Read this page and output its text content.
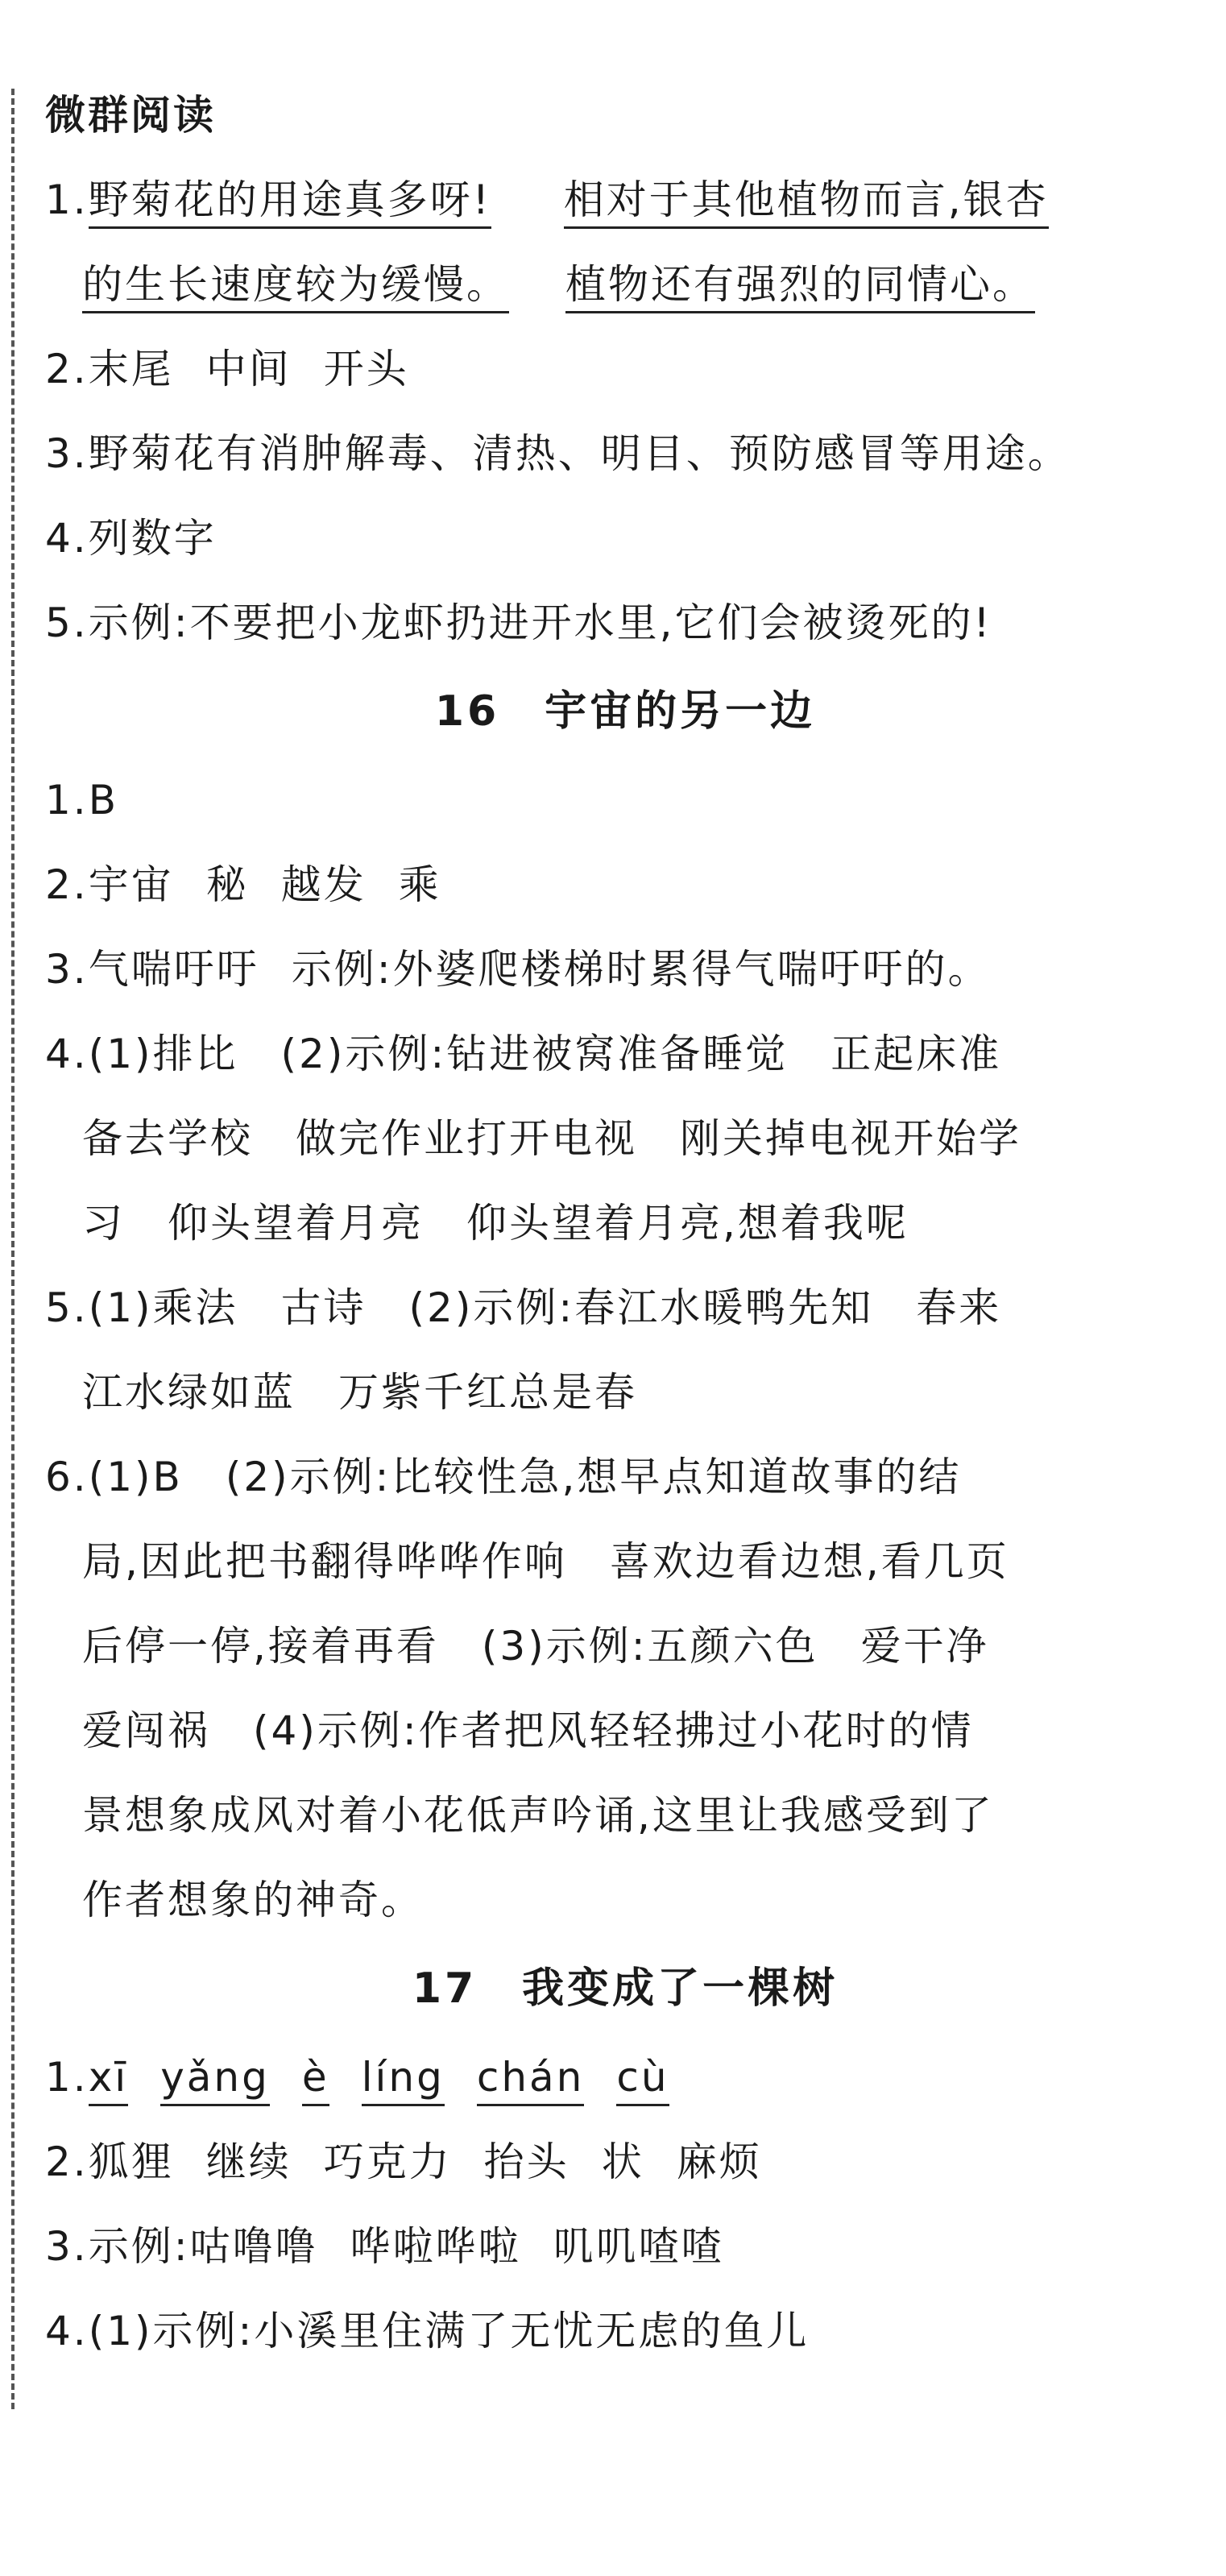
微群阅读
1.野菊花的用途真多呀! 相对于其他植物而言,银杏
的生长速度较为缓慢。 植物还有强烈的同情心。
2.末尾 中间 开头
3.野菊花有消肿解毒、清热、明目、预防感冒等用途。
4.列数字
5.示例:不要把小龙虾扔进开水里,它们会被烫死的!
16　宇宙的另一边
1.B
2.宇宙 秘 越发 乘
3.气喘吁吁 示例:外婆爬楼梯时累得气喘吁吁的。
4.(1)排比　(2)示例:钻进被窝准备睡觉　正起床准
备去学校　做完作业打开电视　刚关掉电视开始学
习　仰头望着月亮　仰头望着月亮,想着我呢
5.(1)乘法　古诗　(2)示例:春江水暖鸭先知　春来
江水绿如蓝　万紫千红总是春
6.(1)B　(2)示例:比较性急,想早点知道故事的结
局,因此把书翻得哗哗作响　喜欢边看边想,看几页
后停一停,接着再看　(3)示例:五颜六色　爱干净
爱闯祸　(4)示例:作者把风轻轻拂过小花时的情
景想象成风对着小花低声吟诵,这里让我感受到了
作者想象的神奇。
17　我变成了一棵树
1.xī yǎng è líng chán cù
2.狐狸 继续 巧克力 抬头 状 麻烦
3.示例:咕噜噜 哗啦哗啦 叽叽喳喳
4.(1)示例:小溪里住满了无忧无虑的鱼儿
